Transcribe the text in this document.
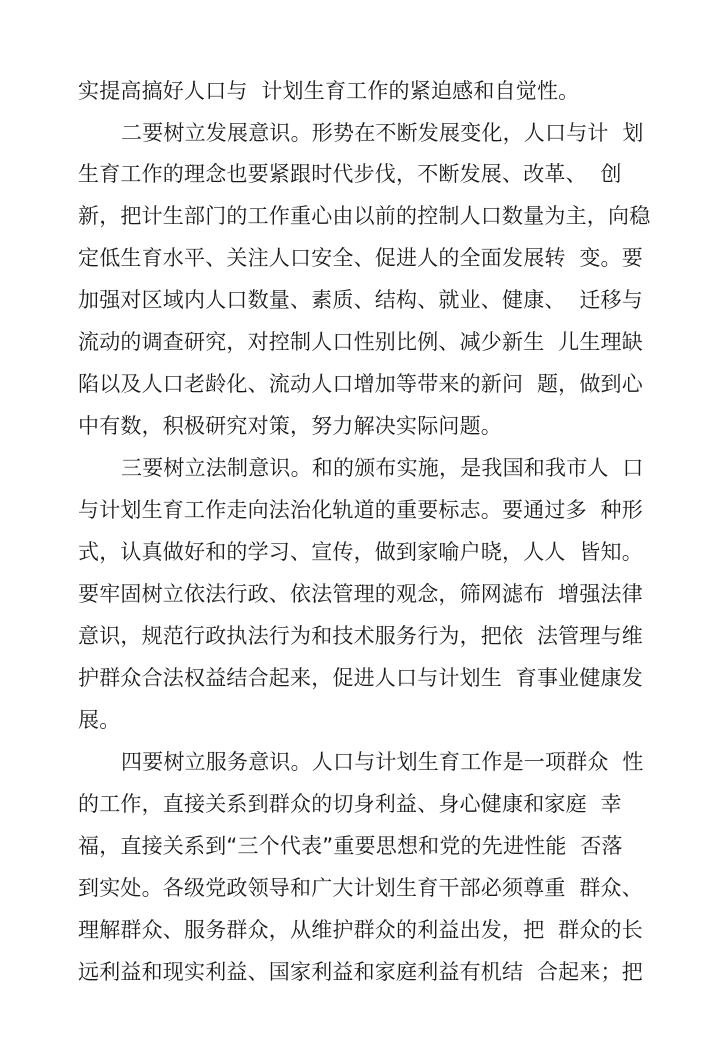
实提高搞好人口与  计划生育工作的紧迫感和自觉性。

二要树立发展意识。形势在不断发展变化，人口与计  划

生育工作的理念也要紧跟时代步伐，不断发展、改革、  创

新，把计生部门的工作重心由以前的控制人口数量为主，向稳

定低生育水平、关注人口安全、促进人的全面发展转  变。要

加强对区域内人口数量、素质、结构、就业、健康、  迁移与

流动的调查研究，对控制人口性别比例、减少新生  儿生理缺

陷以及人口老龄化、流动人口增加等带来的新问  题，做到心

中有数，积极研究对策，努力解决实际问题。

三要树立法制意识。和的颁布实施，是我国和我市人  口

与计划生育工作走向法治化轨道的重要标志。要通过多  种形

式，认真做好和的学习、宣传，做到家喻户晓，人人  皆知。

要牢固树立依法行政、依法管理的观念，筛网滤布  增强法律

意识，规范行政执法行为和技术服务行为，把依  法管理与维

护群众合法权益结合起来，促进人口与计划生  育事业健康发

展。

四要树立服务意识。人口与计划生育工作是一项群众  性

的工作，直接关系到群众的切身利益、身心健康和家庭  幸

福，直接关系到“三个代表”重要思想和党的先进性能  否落

到实处。各级党政领导和广大计划生育干部必须尊重  群众、

理解群众、服务群众，从维护群众的利益出发，把  群众的长

远利益和现实利益、国家利益和家庭利益有机结  合起来；把
